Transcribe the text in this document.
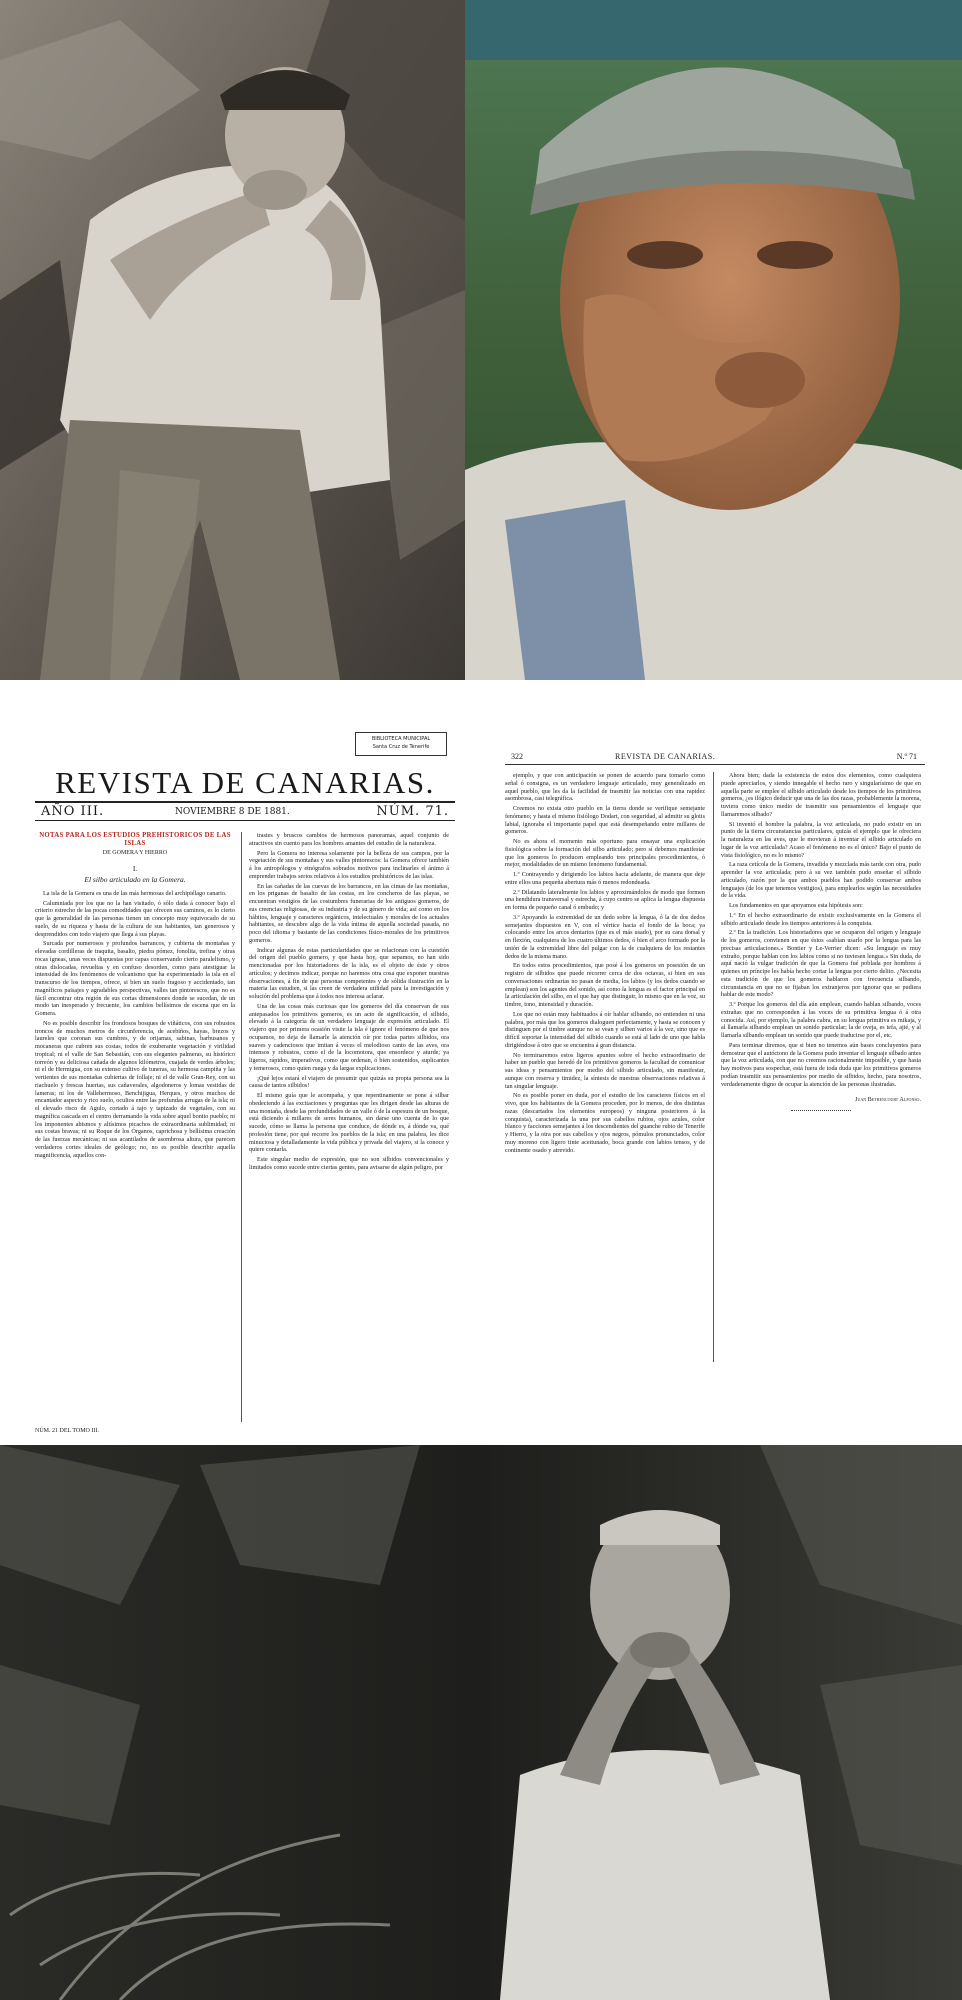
BIBLIOTECA MUNICIPAL
Santa Cruz de Tenerife
REVISTA DE CANARIAS.
AÑO III.	NOVIEMBRE 8 DE 1881.	NÚM. 71.
NOTAS PARA LOS ESTUDIOS PREHISTÓRICOS DE LAS ISLAS
DE GOMERA Y HIERRO
I.
El silbo articulado en la Gomera.

La isla de la Gomera es una de las más hermosas del archipiélago canario.

Calumniada por los que no la han visitado, ó sólo dada á conocer bajo el criterio estrecho de las pocas comodidades que ofrecen sus caminos, es lo cierto que la generalidad de las personas tienen un concepto muy equivocado de su suelo, de su riqueza y hasta de la cultura de sus habitantes, tan generosos y desprendidos con todo viajero que llega á sus playas.

Surcada por numerosos y profundos barrancos, y cubierta de montañas y elevadas cordilleras de traquita, basalto, piedra pómez, fonolita, trefina y otras rocas ígneas, unas veces dispuestas por capas conservando cierto paralelismo, y otras dislocadas, revueltas y en confuso desorden, como para atestiguar la intensidad de los fenómenos de volcanismo que ha experimentado la isla en el transcurso de los tiempos, ofrece, si bien un suelo fragoso y accidentado, tan magníficos paisajes y agradables perspectivas, valles tan pintorescos, que no es fácil encontrar otra región de sus cortas dimensiones donde se sucedan, de un modo tan inesperado y frecuente, los cambios bellísimos de escena que en la Gomera.

No es posible describir los frondosos bosques de viñáticos, con sus robustos troncos de muchos metros de circunferencia, de acebiños, hayas, brezos y laureles que coronan sus cumbres, y de orijamas, sabinas, barbusanos y mocaneras que cubren sus costas, todos de exuberante vegetación y virilidad tropical; ni el valle de San Sebastián, con sus elegantes palmeras, su histórico torreón y su deliciosa cañada de algunos kilómetros, cuajada de verdes árboles; ni el de Hermigua, con su extenso cultivo de tuneras, su hermosa campiña y las vertientes de sus montañas cubiertas de follaje; ni el de valle Gran-Rey, con su riachuelo y frescas huertas, sus cañaverales, algodoneros y lomas vestidas de lameras; ni los de Vallehermoso, Benchijigua, Herques, y otros muchos de encantador aspecto y rico suelo, ocultos entre las profundas arrugas de la isla; ni el elevado risco de Agulo, cortado á tajo y tapizado de vegetales, con su magnífica cascada en el centro derramando la vida sobre aquel bonito pueblo; ni los imponentes abismos y altísimos picachos de extraordinaria sublimidad; ni sus costas bravas; ni su Roque de los Órganos, caprichosa y bellísima creación de las fuerzas mecánicas; ni sus acantilados de asombrosa altura, que parecen verdaderos cortes ideales de geólogo; no, no es posible describir aquella magnificencia, aquellos con-

trastes y bruscos cambios de hermosos panoramas, aquel conjunto de atractivos sin cuento para los hombres amantes del estudio de la naturaleza.

Pero la Gomera no interesa solamente por la belleza de sus campos, por la vegetación de sus montañas y sus valles pintorescos: la Gomera ofrece también á los antropólogos y etnógrafos sobrados motivos para inclinarles el ánimo á emprender trabajos serios relativos á los estudios prehistóricos de las islas.

En las cañadas de las cuevas de los barrancos, en las cimas de las montañas, en los priganas de basalto de las costas, en los concheros de las playas, se encuentran vestigios de las costumbres funerarias de los antiguos gomeros, de sus creencias religiosas, de su industria y de su género de vida; así como en los hábitos, lenguaje y caracteres orgánicos, intelectuales y morales de los actuales habitantes, se descubre algo de la vida íntima de aquella sociedad pasada, no poco del idioma y bastante de las condiciones físico-morales de los primitivos gomeros.

Indicar algunas de estas particularidades que se relacionan con la cuestión del origen del pueblo gomero, y que hasta hoy, que sepamos, no han sido mencionadas por los historiadores de la isla, es el objeto de éste y otros artículos; y decimos indicar, porque no haremos otra cosa que exponer nuestras observaciones, á fin de que personas competentes y de sólida ilustración en la materia las estudien, si las creen de verdadera utilidad para la investigación y solución del problema que á todos nos interesa aclarar.

Una de las cosas más curiosas que los gomeros del día conservan de sus antepasados los primitivos gomeros, es un acto de significación, el silbido, elevado á la categoría de un verdadero lenguaje de expresión articulado. El viajero que por primera ocasión visite la isla é ignore el fenómeno de que nos ocupamos, no deja de llamarle la atención oír por todas partes silbidos, ora suaves y cadenciosos que imitan á veces el melodioso canto de las aves, ora intensos y robustos, como el de la locomotora, que ensordece y aturde; ya ligeros, rápidos, imperativos, como que ordenan, ó bien sostenidos, suplicantes y temerosos, como quien ruega y da largas explicaciones.

¡Qué lejos estará el viajero de presumir que quizás su propia persona sea la causa de tantos silbidos!

El mismo guía que le acompaña, y que repentinamente se pone á silbar obedeciendo á las excitaciones y preguntas que les dirigen desde las alturas de una montaña, desde las profundidades de un valle ó de la espesura de un bosque, está diciendo á millares de seres humanos, sin darse uno cuenta de lo que sucede, cómo se llama la persona que conduce, de dónde es, á dónde va, qué profesión tiene, por qué recorre los pueblos de la isla; en una palabra, les dice minuciosa y detalladamente la vida pública y privada del viajero, si la conoce y quiere contarla.

Este singular medio de expresión, que no son silbidos convencionales y limitados como sucede entre ciertas gentes, para avisarse de algún peligro, por

NÚM. 21 DEL TOMO III.
322	REVISTA DE CANARIAS.	N.º 71

ejemplo, y que con anticipación se ponen de acuerdo para tomarlo como señal ó consigna, es un verdadero lenguaje articulado, muy generalizado en aquel pueblo, que les da la facilidad de trasmitir las noticias con una rapidez asombrosa, casi telegráfica.

Creemos no exista otro pueblo en la tierra donde se verifique semejante fenómeno; y hasta el mismo fisiólogo Dodart, con seguridad, al admitir su glotis labial, ignoraba el importante papel que está desempeñando entre millares de gomeros.

No es ahora el momento más oportuno para ensayar una explicación fisiológica sobre la formación del silbo articulado; pero sí debemos manifestar que los gomeros lo producen empleando tres principales procedimientos, ó mejor, modalidades de un mismo fenómeno fundamental.

1.º Contrayendo y dirigiendo los labios hacia adelante, de manera que deje entre ellos una pequeña abertura más ó menos redondeada.

2.º Dilatando lateralmente los labios y aproximándolos de modo que formen una hendidura transversal y estrecha, á cuyo centro se aplica la lengua dispuesta en forma de pequeño canal ó embudo; y

3.º Apoyando la extremidad de un dedo sobre la lengua, ó la de dos dedos semejantes dispuestos en V, con el vértice hacia el fondo de la boca; ya colocando entre los arcos dentarios (que es el más usado), por su cara dorsal y en flexión, cualquiera de los cuatro últimos dedos, ó bien el arco formado por la unión de la extremidad libre del pulgar con la de cualquiera de los restantes dedos de la misma mano.

En todos estos procedimientos, que posé á los gomeros en posesión de un registro de silbidos que puede recorrer cerca de dos octavas, si bien en sus conversaciones ordinarias no pasan de media, los labios (y los dedos cuando se emplean) son los agentes del sonido, así como la lengua es el factor principal en la articulación del silbo, en el que hay que distinguir, lo mismo que en la voz, su timbre, tono, intensidad y duración.

Los que no están muy habituados á oír hablar silbando, no entienden ni una palabra, por más que los gomeros dialoguen perfectamente, y hasta se conocen y distinguen por el timbre aunque no se vean y silben varios á la vez, sino que es difícil soportar la intensidad del silbido cuando se está al lado de uno que habla dirigiéndose á otro que se encuentra á gran distancia.

No terminaremos estos ligeros apuntes sobre el hecho extraordinario de haber un pueblo que heredó de los primitivos gomeros la facultad de comunicar sus ideas y pensamientos por medio del silbido articulado, sin manifestar, aunque con reserva y timidez, la síntesis de nuestras observaciones relativas á tan singular lenguaje.

No es posible poner en duda, por el estudio de los caracteres físicos en el vivo, que los habitantes de la Gomera proceden, por lo menos, de dos distintas razas (descartados los elementos europeos) y ninguna posteriores á la conquista), caracterizada la una por sus cabellos rubios, ojos azules, color blanco y facciones semejantes á los descendientes del guanche rubio de Tenerife y Hierro, y la otra por sus cabellos y ojos negros, pómulos pronunciados, color muy moreno con ligero tinte aceitunado, boca grande con labios tensos, y de continente osado y atrevido.

Ahora bien; dada la existencia de estos dos elementos, como cualquiera puede apreciarlos, y siendo innegable el hecho raro y singularísimo de que en aquella parte se emplee el silbido articulado desde los tiempos de los primitivos gomeros, ¿es ilógico deducir que una de las dos razas, probablemente la morena, tuviera como único medio de trasmitir sus pensamientos el lenguaje que llamaremos silbado?

Si inventó el hombre la palabra, la voz articulada, no pudo existir en un punto de la tierra circunstancias particulares, quizás el ejemplo que le ofreciera la naturaleza en las aves, que le movieran á inventar el silbido articulado en lugar de la voz articulada? Acaso el fenómeno no es el único? Bajo el punto de vista fisiológico, no es lo mismo?

La raza cetícola de la Gomera, invadida y mezclada más tarde con otra, pudo aprender la voz articulada; pero á su vez también pudo enseñar el silbido articulado, razón por la que ambos pueblos han podido conservar ambos lenguajes (de los que tenemos vestigios), para emplearlos según las necesidades de la vida.

Los fundamentos en que apoyamos esta hipótesis son:

1.º En el hecho extraordinario de existir exclusivamente en la Gomera el silbido articulado desde los tiempos anteriores á la conquista.

2.º En la tradición. Los historiadores que se ocuparon del origen y lenguaje de los gomeros, convienen en que éstos «sabían usarlo por la lengua para las precisas articulaciones.» Bontier y Le-Verrier dicen: «Su lenguaje es muy extraño, porque hablan con los labios como si no tuviesen lengua.» Sin duda, de aquí nació la vulgar tradición de que la Gomera fué poblada por hombres á quienes un príncipe les había hecho cortar la lengua por cierto delito. ¿Necesita esta tradición de que los gomeros hablaron con frecuencia silbando, circunstancia en que no se fijaban los extranjeros por ignorar que se pudiera hablar de este modo?

3.º Porque los gomeros del día aún emplean, cuando hablan silbando, voces extrañas que no corresponden á las voces de su primitiva lengua ó á otra conocida. Así, por ejemplo, la palabra cabra, en su lengua primitiva es mikaja, y al llamarla silbando emplean un sonido particular; la de oveja, es tefa, ajié, y al llamarla silbando emplean un sonido que puede traducirse por el, etc.

Para terminar diremos, que si bien no tenemos aún bases concluyentes para demostrar que el autóctono de la Gomera pudo inventar el lenguaje silbado antes que la voz articulada, con que no creemos racionalmente imposible, y que hasta hay motivos para sospechar, está fuera de toda duda que los primitivos gomeros podían trasmitir sus pensamientos por medio de silbidos, hecho, para nosotros, verdaderamente digno de ocupar la atención de las personas ilustradas.

Juan Bethencourt Alfonso.
